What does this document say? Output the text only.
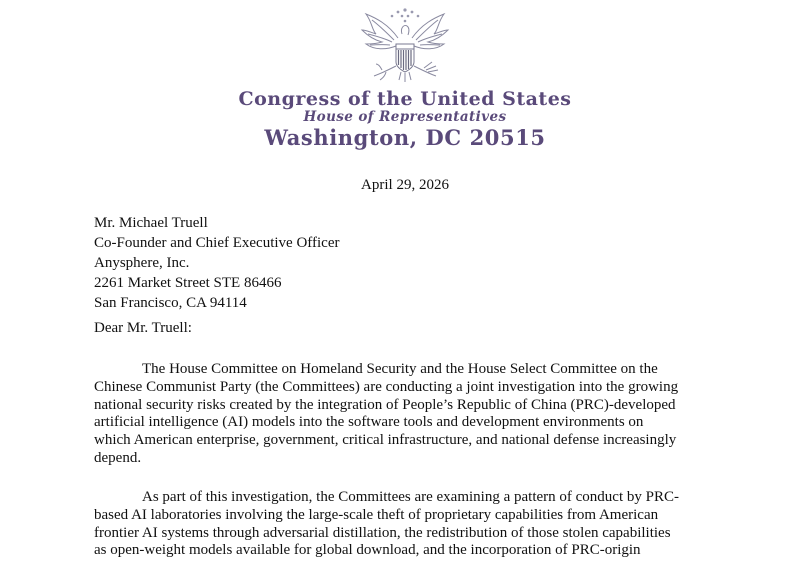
Congress of the United States
House of Representatives
Washington, DC 20515
April 29, 2026
Mr. Michael Truell
Co-Founder and Chief Executive Officer
Anysphere, Inc.
2261 Market Street STE 86466
San Francisco, CA 94114
Dear Mr. Truell:
The House Committee on Homeland Security and the House Select Committee on the
Chinese Communist Party (the Committees) are conducting a joint investigation into the growing
national security risks created by the integration of People’s Republic of China (PRC)-developed
artificial intelligence (AI) models into the software tools and development environments on
which American enterprise, government, critical infrastructure, and national defense increasingly
depend.
As part of this investigation, the Committees are examining a pattern of conduct by PRC-
based AI laboratories involving the large-scale theft of proprietary capabilities from American
frontier AI systems through adversarial distillation, the redistribution of those stolen capabilities
as open-weight models available for global download, and the incorporation of PRC-origin
